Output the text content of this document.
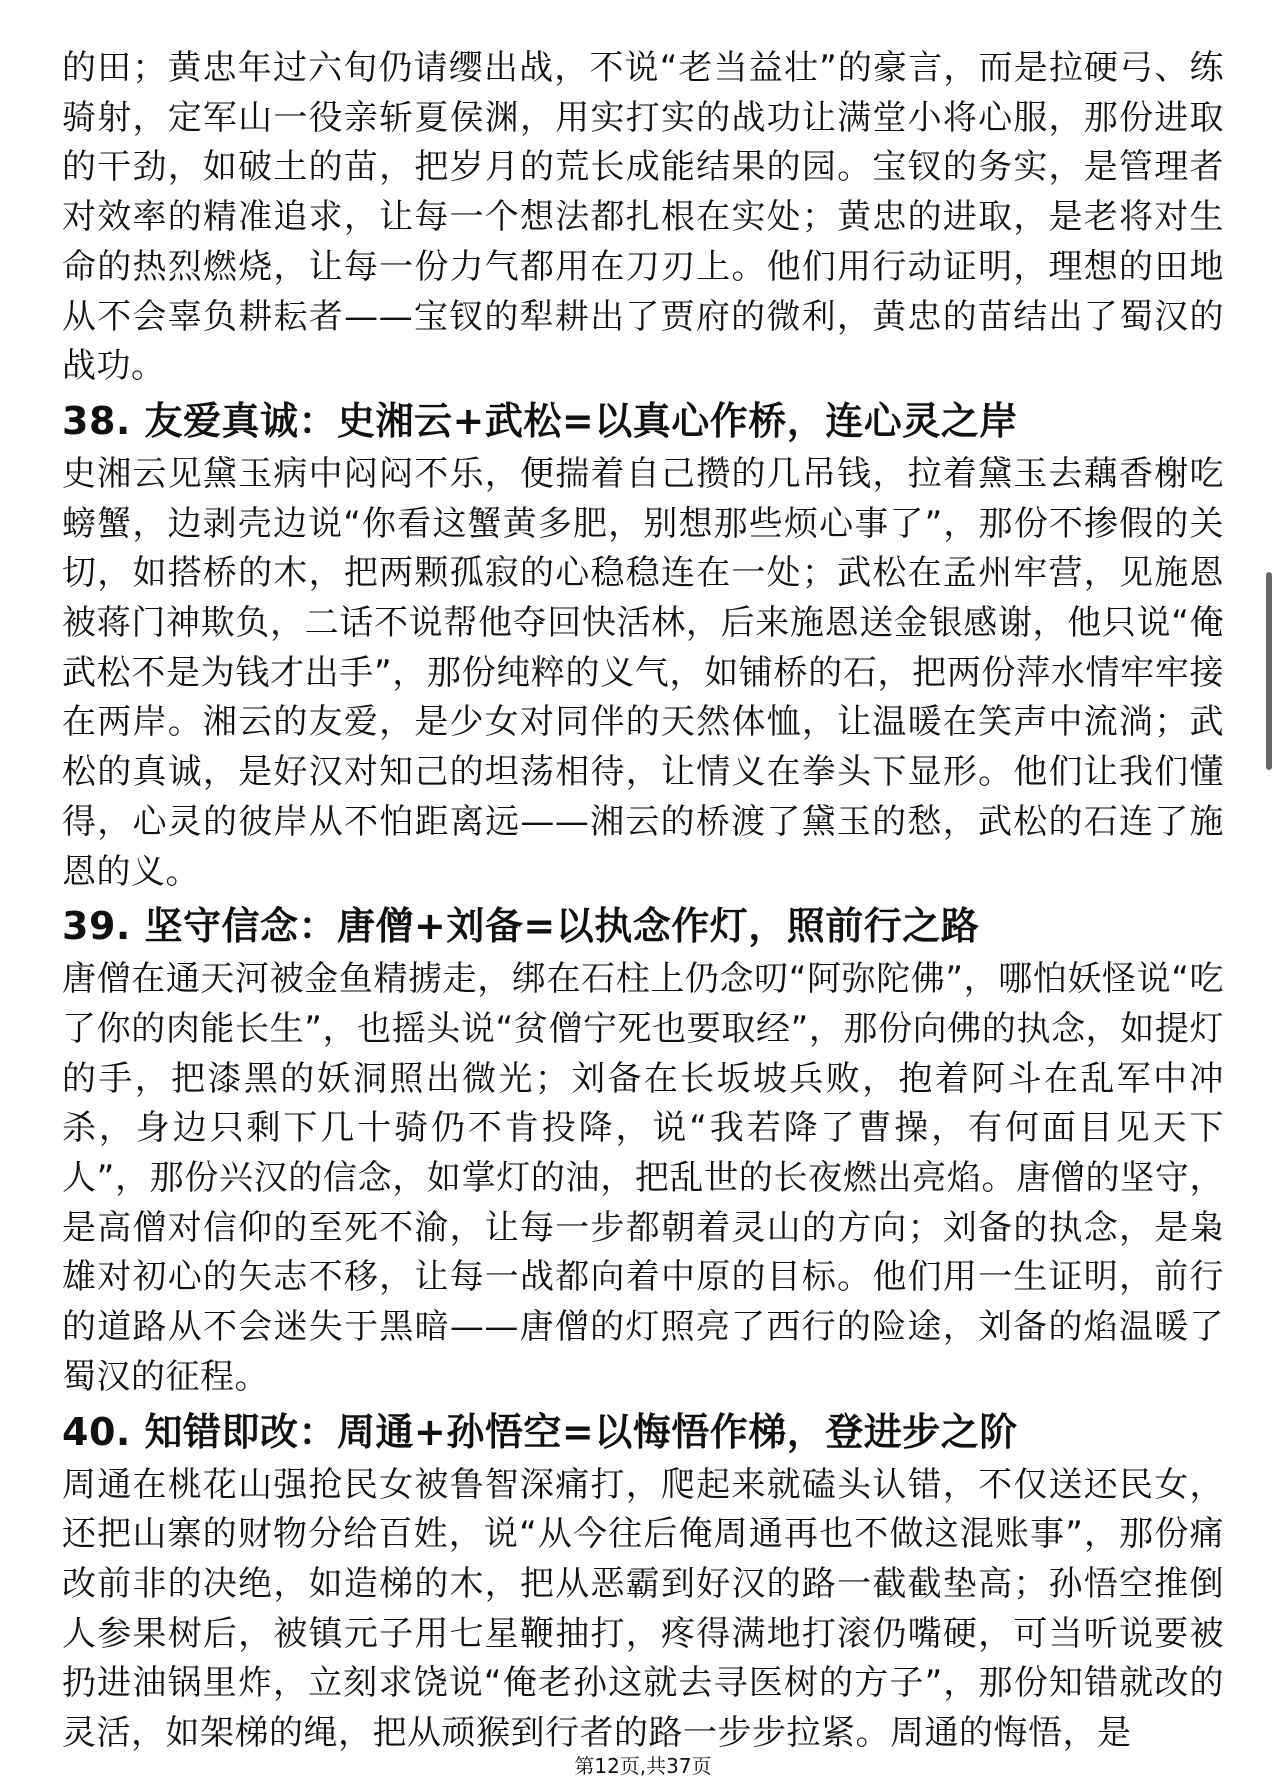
的田；黄忠年过六旬仍请缨出战，不说“老当益壮”的豪言，而是拉硬弓、练骑射，定军山一役亲斩夏侯渊，用实打实的战功让满堂小将心服，那份进取的干劲，如破土的苗，把岁月的荒长成能结果的园。宝钗的务实，是管理者对效率的精准追求，让每一个想法都扎根在实处；黄忠的进取，是老将对生命的热烈燃烧，让每一份力气都用在刀刃上。他们用行动证明，理想的田地从不会辜负耕耘者——宝钗的犁耕出了贾府的微利，黄忠的苗结出了蜀汉的战功。

38. 友爱真诚：史湘云+武松=以真心作桥，连心灵之岸

史湘云见黛玉病中闷闷不乐，便揣着自己攒的几吊钱，拉着黛玉去藕香榭吃螃蟹，边剥壳边说“你看这蟹黄多肥，别想那些烦心事了”，那份不掺假的关切，如搭桥的木，把两颗孤寂的心稳稳连在一处；武松在孟州牢营，见施恩被蒋门神欺负，二话不说帮他夺回快活林，后来施恩送金银感谢，他只说“俺武松不是为钱才出手”，那份纯粹的义气，如铺桥的石，把两份萍水情牢牢接在两岸。湘云的友爱，是少女对同伴的天然体恤，让温暖在笑声中流淌；武松的真诚，是好汉对知己的坦荡相待，让情义在拳头下显形。他们让我们懂得，心灵的彼岸从不怕距离远——湘云的桥渡了黛玉的愁，武松的石连了施恩的义。

39. 坚守信念：唐僧+刘备=以执念作灯，照前行之路

唐僧在通天河被金鱼精掳走，绑在石柱上仍念叨“阿弥陀佛”，哪怕妖怪说“吃了你的肉能长生”，也摇头说“贫僧宁死也要取经”，那份向佛的执念，如提灯的手，把漆黑的妖洞照出微光；刘备在长坂坡兵败，抱着阿斗在乱军中冲杀，身边只剩下几十骑仍不肯投降，说“我若降了曹操，有何面目见天下人”，那份兴汉的信念，如掌灯的油，把乱世的长夜燃出亮焰。唐僧的坚守，是高僧对信仰的至死不渝，让每一步都朝着灵山的方向；刘备的执念，是枭雄对初心的矢志不移，让每一战都向着中原的目标。他们用一生证明，前行的道路从不会迷失于黑暗——唐僧的灯照亮了西行的险途，刘备的焰温暖了蜀汉的征程。

40. 知错即改：周通+孙悟空=以悔悟作梯，登进步之阶

周通在桃花山强抢民女被鲁智深痛打，爬起来就磕头认错，不仅送还民女，还把山寨的财物分给百姓，说“从今往后俺周通再也不做这混账事”，那份痛改前非的决绝，如造梯的木，把从恶霸到好汉的路一截截垫高；孙悟空推倒人参果树后，被镇元子用七星鞭抽打，疼得满地打滚仍嘴硬，可当听说要被扔进油锅里炸，立刻求饶说“俺老孙这就去寻医树的方子”，那份知错就改的灵活，如架梯的绳，把从顽猴到行者的路一步步拉紧。周通的悔悟，是

第12页,共37页
